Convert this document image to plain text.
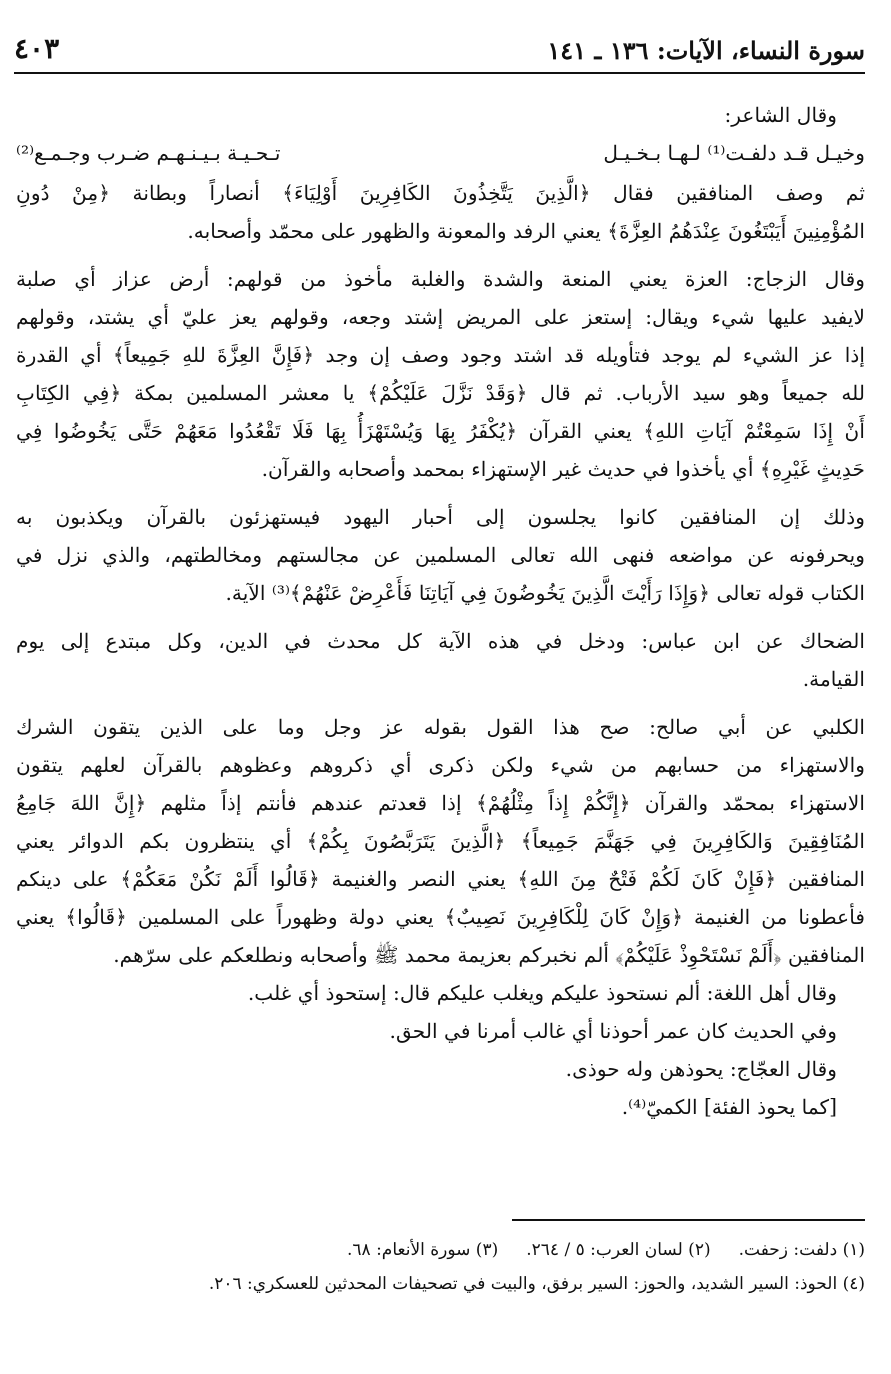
سورة النساء، الآيات: ١٣٦ ـ ١٤١
٤٠٣
وقال الشاعر:
وخيـل قـد دلفـت⁽¹⁾ لـهـا بـخـيـل
تـحـيـة بـيـنـهـم ضـرب وجـمـع⁽²⁾
ثم وصف المنافقين فقال ﴿الَّذِينَ يَتَّخِذُونَ الكَافِرِينَ أَوْلِيَاءَ﴾ أنصاراً وبطانة ﴿مِنْ دُونِ
المُؤْمِنِينَ أَيَبْتَغُونَ عِنْدَهُمُ العِزَّةَ﴾ يعني الرفد والمعونة والظهور على محمّد وأصحابه.
وقال الزجاج: العزة يعني المنعة والشدة والغلبة مأخوذ من قولهم: أرض عزاز أي صلبة
لايفيد عليها شيء ويقال: إستعز على المريض إشتد وجعه، وقولهم يعز عليّ أي يشتد، وقولهم
إذا عز الشيء لم يوجد فتأويله قد اشتد وجود وصف إن وجد ﴿فَإِنَّ العِزَّةَ للهِ جَمِيعاً﴾ أي القدرة
لله جميعاً وهو سيد الأرباب. ثم قال ﴿وَقَدْ نَزَّلَ عَلَيْكُمْ﴾ يا معشر المسلمين بمكة ﴿فِي الكِتَابِ
أَنْ إِذَا سَمِعْتُمْ آيَاتِ اللهِ﴾ يعني القرآن ﴿يُكْفَرُ بِهَا وَيُسْتَهْزَأُ بِهَا فَلَا تَقْعُدُوا مَعَهُمْ حَتَّى يَخُوضُوا فِي
حَدِيثٍ غَيْرِهِ﴾ أي يأخذوا في حديث غير الإستهزاء بمحمد وأصحابه والقرآن.
وذلك إن المنافقين كانوا يجلسون إلى أحبار اليهود فيستهزئون بالقرآن ويكذبون به
ويحرفونه عن مواضعه فنهى الله تعالى المسلمين عن مجالستهم ومخالطتهم، والذي نزل في
الكتاب قوله تعالى ﴿وَإِذَا رَأَيْتَ الَّذِينَ يَخُوضُونَ فِي آيَاتِنَا فَأَعْرِضْ عَنْهُمْ﴾⁽³⁾ الآية.
الضحاك عن ابن عباس: ودخل في هذه الآية كل محدث في الدين، وكل مبتدع إلى يوم
القيامة.
الكلبي عن أبي صالح: صح هذا القول بقوله عز وجل وما على الذين يتقون الشرك
والاستهزاء من حسابهم من شيء ولكن ذكرى أي ذكروهم وعظوهم بالقرآن لعلهم يتقون
الاستهزاء بمحمّد والقرآن ﴿إِنَّكُمْ إِذاً مِثْلُهُمْ﴾ إذا قعدتم عندهم فأنتم إذاً مثلهم ﴿إِنَّ اللهَ جَامِعُ
المُنَافِقِينَ وَالكَافِرِينَ فِي جَهَنَّمَ جَمِيعاً﴾ ﴿الَّذِينَ يَتَرَبَّصُونَ بِكُمْ﴾ أي ينتظرون بكم الدوائر يعني
المنافقين ﴿فَإِنْ كَانَ لَكُمْ فَتْحٌ مِنَ اللهِ﴾ يعني النصر والغنيمة ﴿قَالُوا أَلَمْ نَكُنْ مَعَكُمْ﴾ على دينكم
فأعطونا من الغنيمة ﴿وَإِنْ كَانَ لِلْكَافِرِينَ نَصِيبٌ﴾ يعني دولة وظهوراً على المسلمين ﴿قَالُوا﴾ يعني
المنافقين ﴿أَلَمْ نَسْتَحْوِذْ عَلَيْكُمْ﴾ ألم نخبركم بعزيمة محمد ﷺ وأصحابه ونطلعكم على سرّهم.
وقال أهل اللغة: ألم نستحوذ عليكم ويغلب عليكم قال: إستحوذ أي غلب.
وفي الحديث كان عمر أحوذنا أي غالب أمرنا في الحق.
وقال العجّاج: يحوذهن وله حوذى.
[كما يحوذ الفئة] الكميّ⁽⁴⁾.
(١) دلفت: زحفت.
(٢) لسان العرب: ٥ / ٢٦٤.
(٣) سورة الأنعام: ٦٨.
(٤) الحوذ: السير الشديد، والحوز: السير برفق، والبيت في تصحيفات المحدثين للعسكري: ٢٠٦.
